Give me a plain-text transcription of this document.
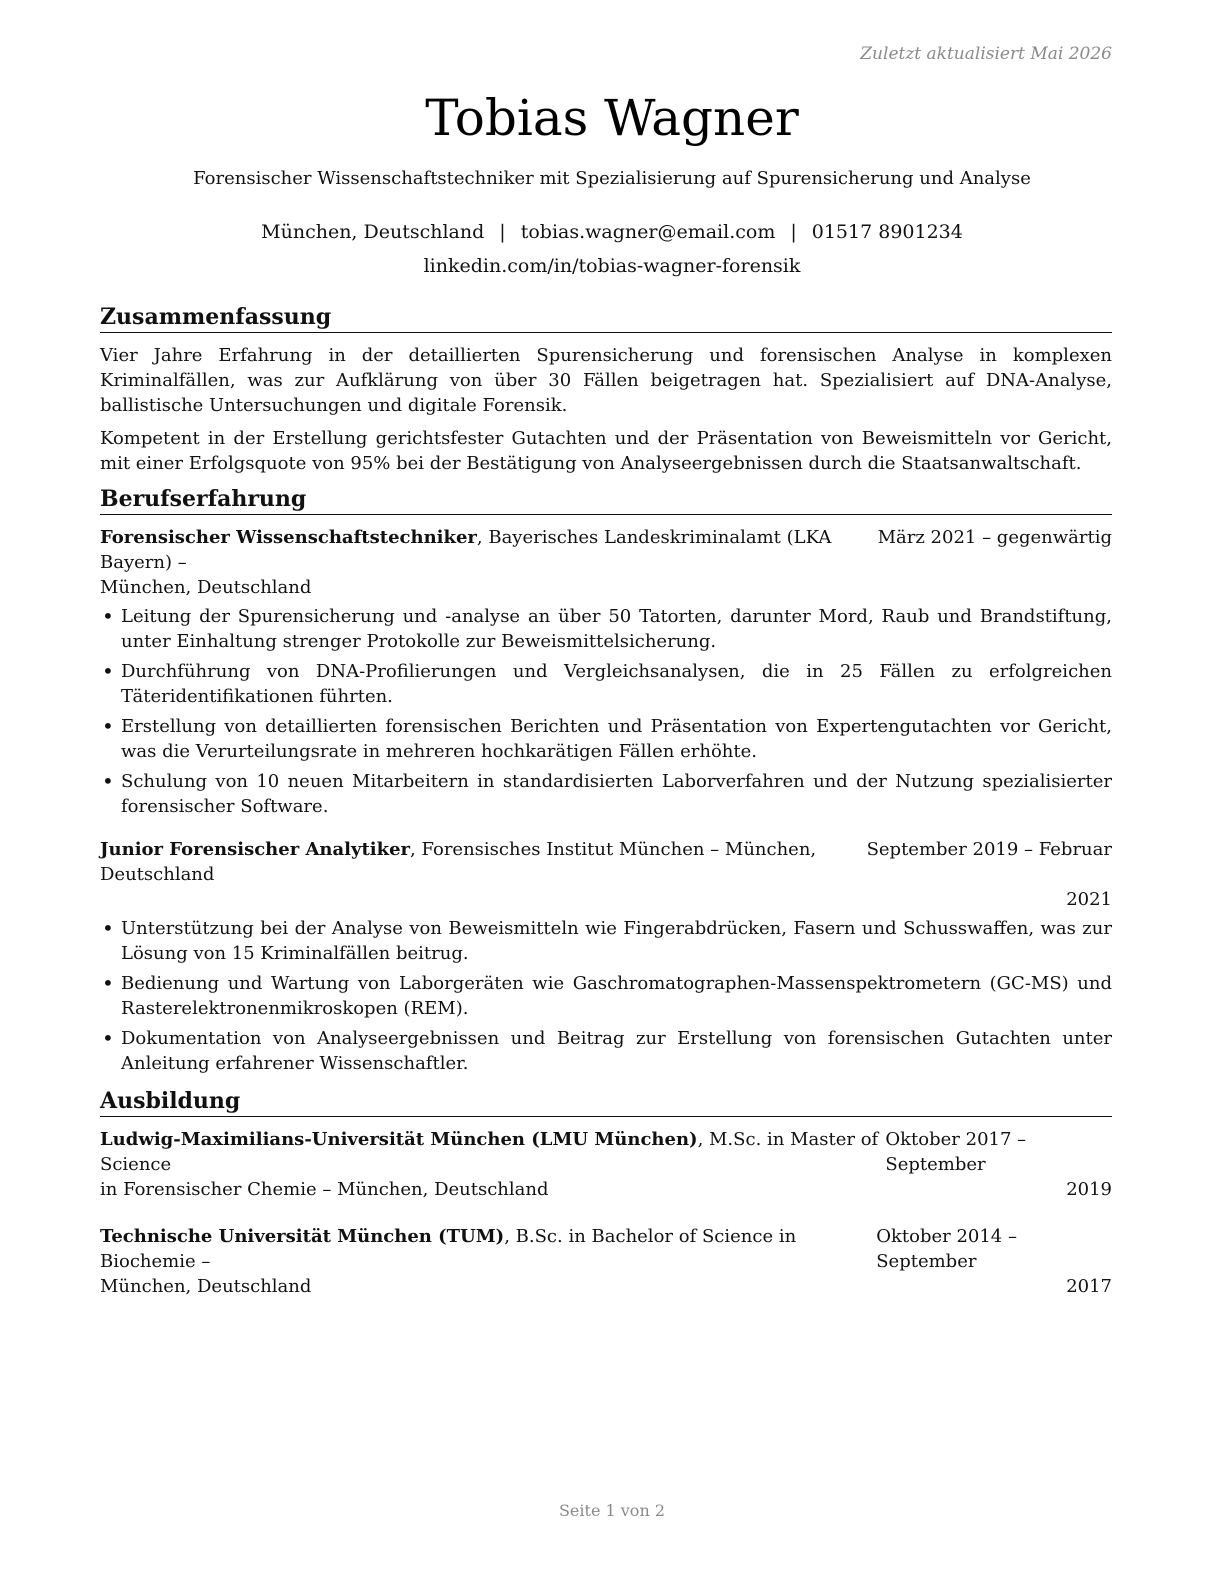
Zuletzt aktualisiert Mai 2026
Tobias Wagner
Forensischer Wissenschaftstechniker mit Spezialisierung auf Spurensicherung und Analyse
München, Deutschland | tobias.wagner@email.com | 01517 8901234
linkedin.com/in/tobias-wagner-forensik
Zusammenfassung

Vier Jahre Erfahrung in der detaillierten Spurensicherung und forensischen Analyse in komplexen Kriminalfällen, was zur Aufklärung von über 30 Fällen beigetragen hat. Spezialisiert auf DNA-Analyse, ballistische Untersuchungen und digitale Forensik.

Kompetent in der Erstellung gerichtsfester Gutachten und der Präsentation von Beweismitteln vor Gericht, mit einer Erfolgsquote von 95% bei der Bestätigung von Analyseergebnissen durch die Staatsanwaltschaft.

Berufserfahrung
Forensischer Wissenschaftstechniker, Bayerisches Landeskriminalamt (LKA Bayern) –
März 2021 – gegenwärtig
München, Deutschland
• Leitung der Spurensicherung und -analyse an über 50 Tatorten, darunter Mord, Raub und Brandstiftung, unter Einhaltung strenger Protokolle zur Beweismittelsicherung.
• Durchführung von DNA-Profilierungen und Vergleichsanalysen, die in 25 Fällen zu erfolgreichen Täteridentifikationen führten.
• Erstellung von detaillierten forensischen Berichten und Präsentation von Expertengutachten vor Gericht, was die Verurteilungsrate in mehreren hochkarätigen Fällen erhöhte.
• Schulung von 10 neuen Mitarbeitern in standardisierten Laborverfahren und der Nutzung spezialisierter forensischer Software.
Junior Forensischer Analytiker, Forensisches Institut München – München, Deutschland
September 2019 – Februar
2021
• Unterstützung bei der Analyse von Beweismitteln wie Fingerabdrücken, Fasern und Schusswaffen, was zur Lösung von 15 Kriminalfällen beitrug.
• Bedienung und Wartung von Laborgeräten wie Gaschromatographen-Massenspektrometern (GC-MS) und Rasterelektronenmikroskopen (REM).
• Dokumentation von Analyseergebnissen und Beitrag zur Erstellung von forensischen Gutachten unter Anleitung erfahrener Wissenschaftler.
Ausbildung
Ludwig-Maximilians-Universität München (LMU München), M.Sc. in Master of Science
Oktober 2017 – September
in Forensischer Chemie – München, Deutschland	2019
Technische Universität München (TUM), B.Sc. in Bachelor of Science in Biochemie –
Oktober 2014 – September
München, Deutschland	2017
Seite 1 von 2
